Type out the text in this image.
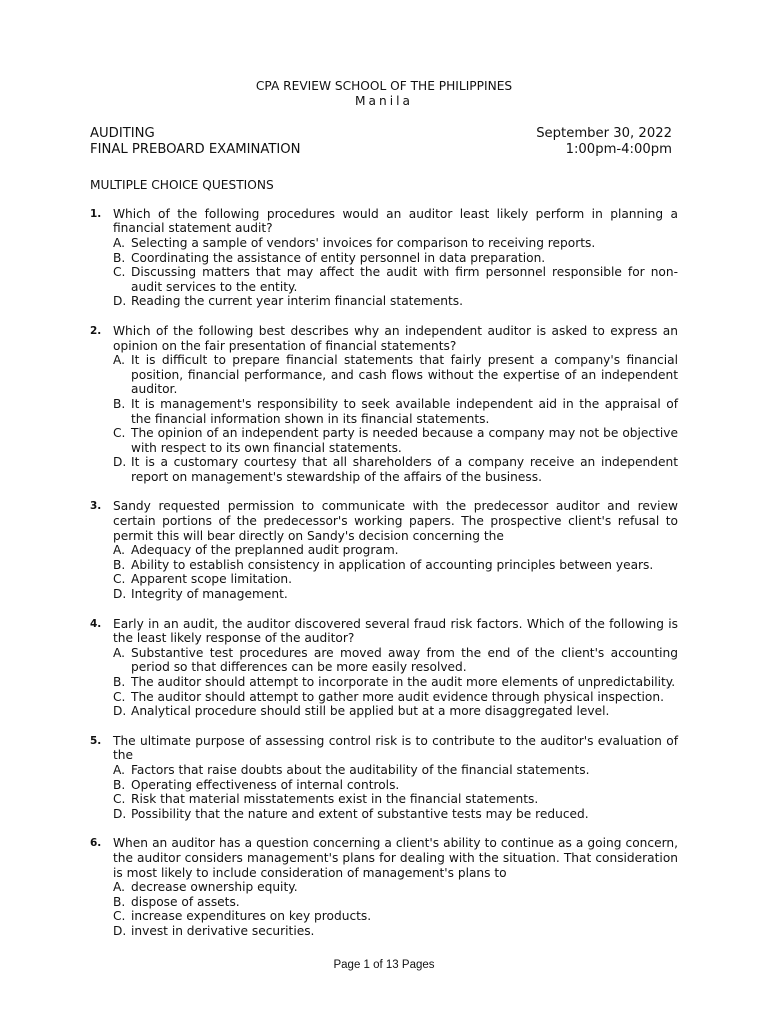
CPA REVIEW SCHOOL OF THE PHILIPPINES
Manila
AUDITING	September 30, 2022
FINAL PREBOARD EXAMINATION	1:00pm-4:00pm
MULTIPLE CHOICE QUESTIONS
1. Which of the following procedures would an auditor least likely perform in planning a financial statement audit?
A. Selecting a sample of vendors' invoices for comparison to receiving reports.
B. Coordinating the assistance of entity personnel in data preparation.
C. Discussing matters that may affect the audit with firm personnel responsible for non-audit services to the entity.
D. Reading the current year interim financial statements.
2. Which of the following best describes why an independent auditor is asked to express an opinion on the fair presentation of financial statements?
A. It is difficult to prepare financial statements that fairly present a company's financial position, financial performance, and cash flows without the expertise of an independent auditor.
B. It is management's responsibility to seek available independent aid in the appraisal of the financial information shown in its financial statements.
C. The opinion of an independent party is needed because a company may not be objective with respect to its own financial statements.
D. It is a customary courtesy that all shareholders of a company receive an independent report on management's stewardship of the affairs of the business.
3. Sandy requested permission to communicate with the predecessor auditor and review certain portions of the predecessor's working papers. The prospective client's refusal to permit this will bear directly on Sandy's decision concerning the
A. Adequacy of the preplanned audit program.
B. Ability to establish consistency in application of accounting principles between years.
C. Apparent scope limitation.
D. Integrity of management.
4. Early in an audit, the auditor discovered several fraud risk factors. Which of the following is the least likely response of the auditor?
A. Substantive test procedures are moved away from the end of the client's accounting period so that differences can be more easily resolved.
B. The auditor should attempt to incorporate in the audit more elements of unpredictability.
C. The auditor should attempt to gather more audit evidence through physical inspection.
D. Analytical procedure should still be applied but at a more disaggregated level.
5. The ultimate purpose of assessing control risk is to contribute to the auditor's evaluation of the
A. Factors that raise doubts about the auditability of the financial statements.
B. Operating effectiveness of internal controls.
C. Risk that material misstatements exist in the financial statements.
D. Possibility that the nature and extent of substantive tests may be reduced.
6. When an auditor has a question concerning a client's ability to continue as a going concern, the auditor considers management's plans for dealing with the situation. That consideration is most likely to include consideration of management's plans to
A. decrease ownership equity.
B. dispose of assets.
C. increase expenditures on key products.
D. invest in derivative securities.
Page 1 of 13 Pages
